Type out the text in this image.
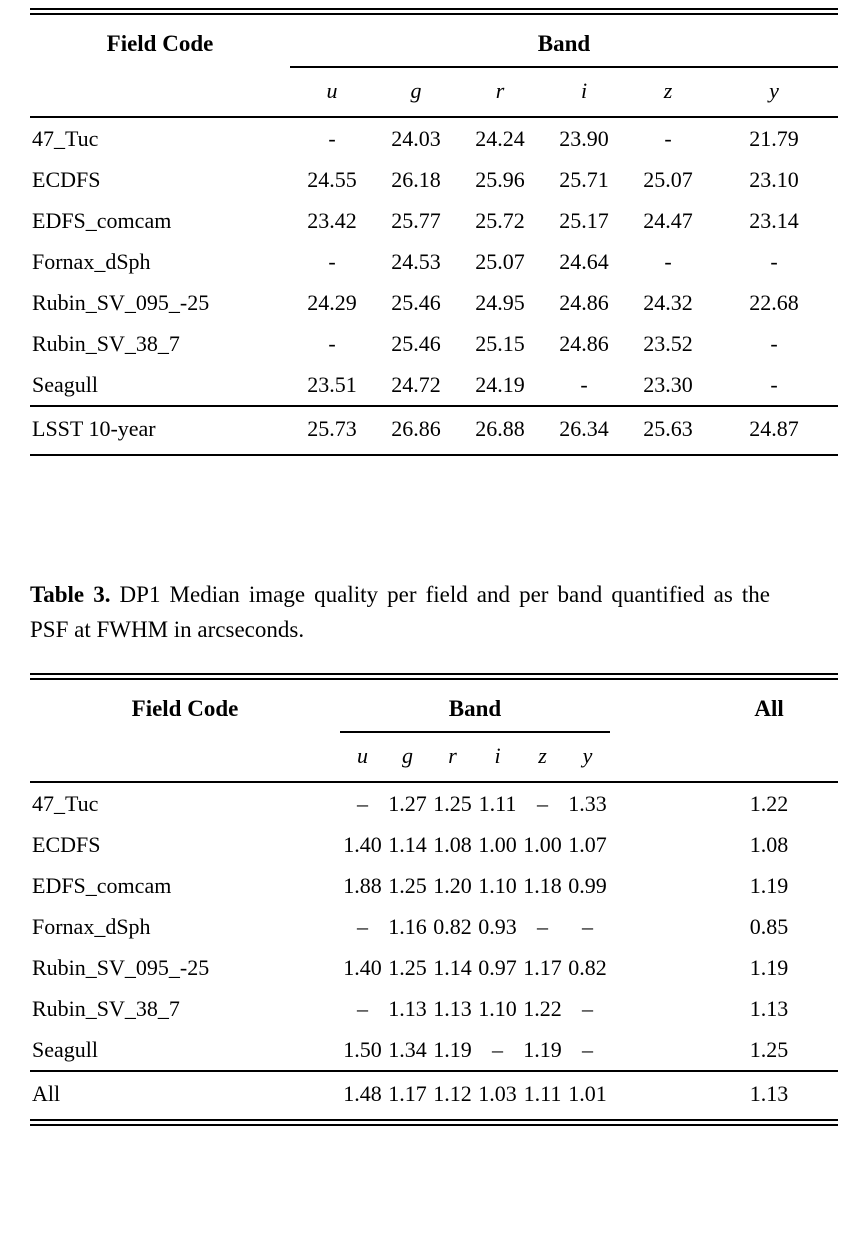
Field Code	Band					
	u	g	r	i	z	y
47_Tuc	-	24.03	24.24	23.90	-	21.79
ECDFS	24.55	26.18	25.96	25.71	25.07	23.10
EDFS_comcam	23.42	25.77	25.72	25.17	24.47	23.14
Fornax_dSph	-	24.53	25.07	24.64	-	-
Rubin_SV_095_-25	24.29	25.46	24.95	24.86	24.32	22.68
Rubin_SV_38_7	-	25.46	25.15	24.86	23.52	-
Seagull	23.51	24.72	24.19	-	23.30	-
LSST 10-year	25.73	26.86	26.88	26.34	25.63	24.87

Table 3. DP1 Median image quality per field and per band quantified as the PSF at FWHM in arcseconds.

Field Code	Band						All
	u	g	r	i	z	y	
47_Tuc	–	1.27	1.25	1.11	–	1.33	1.22
ECDFS	1.40	1.14	1.08	1.00	1.00	1.07	1.08
EDFS_comcam	1.88	1.25	1.20	1.10	1.18	0.99	1.19
Fornax_dSph	–	1.16	0.82	0.93	–	–	0.85
Rubin_SV_095_-25	1.40	1.25	1.14	0.97	1.17	0.82	1.19
Rubin_SV_38_7	–	1.13	1.13	1.10	1.22	–	1.13
Seagull	1.50	1.34	1.19	–	1.19	–	1.25
All	1.48	1.17	1.12	1.03	1.11	1.01	1.13
